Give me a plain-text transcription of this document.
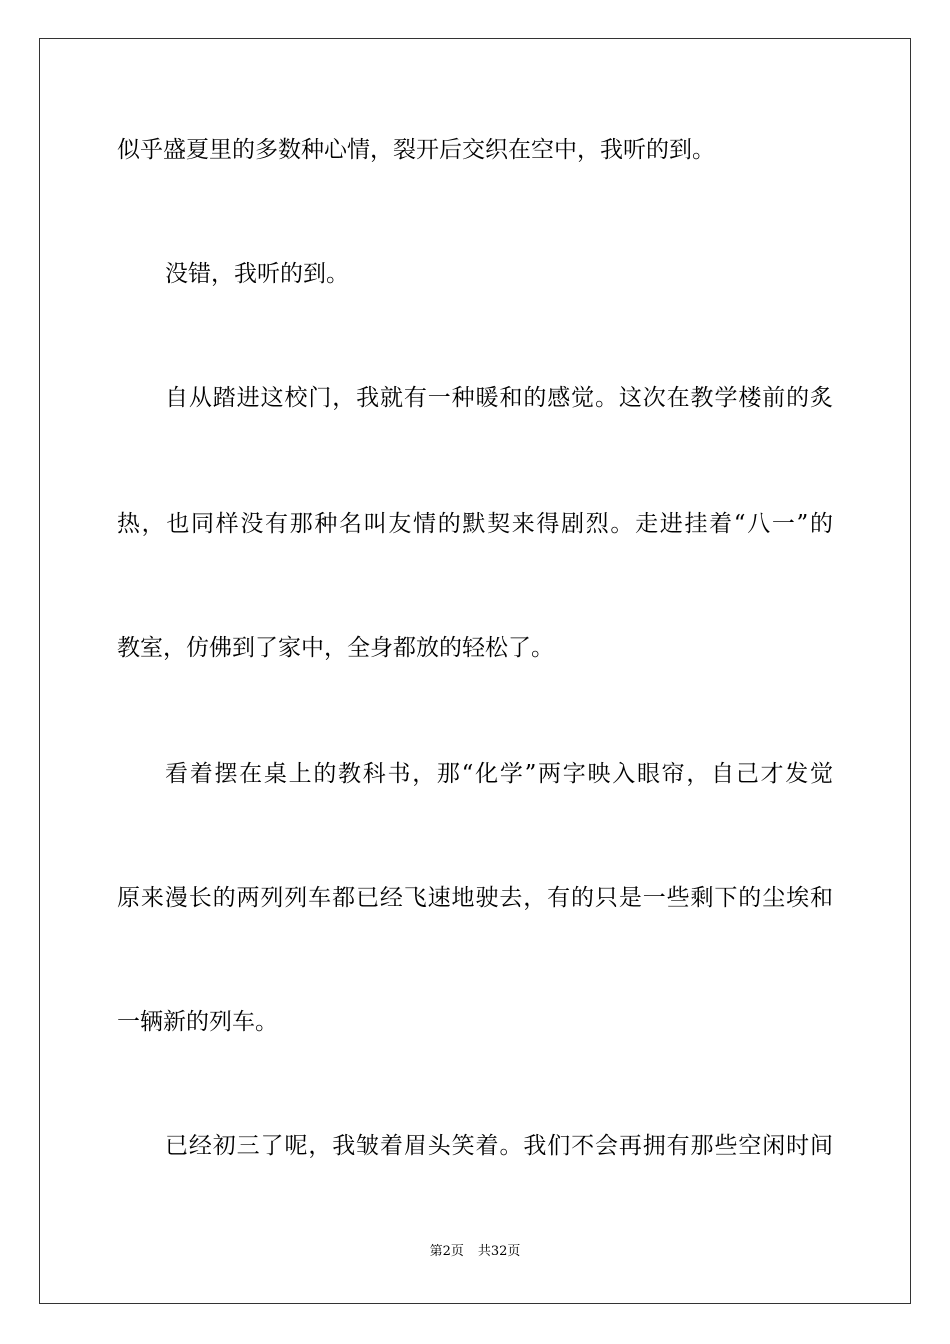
似乎盛夏里的多数种心情，裂开后交织在空中，我听的到。
没错，我听的到。
自从踏进这校门，我就有一种暖和的感觉。这次在教学楼前的炙
热，也同样没有那种名叫友情的默契来得剧烈。走进挂着“八一”的
教室，仿佛到了家中，全身都放的轻松了。
看着摆在桌上的教科书，那“化学”两字映入眼帘，自己才发觉
原来漫长的两列列车都已经飞速地驶去，有的只是一些剩下的尘埃和
一辆新的列车。
已经初三了呢，我皱着眉头笑着。我们不会再拥有那些空闲时间
第2页 共32页
